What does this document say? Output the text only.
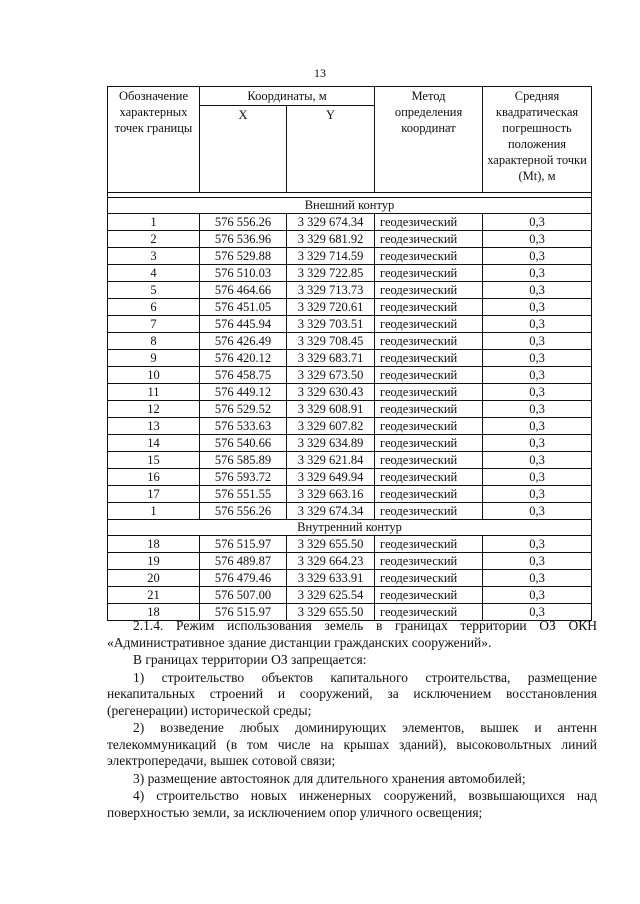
13
Обозначение характерных точек границы	Координаты, м		Метод определения координат	Средняя квадратическая погрешность положения характерной точки (Mt), м
	X	Y		

Внешний контур				
1	576 556.26	3 329 674.34	геодезический	0,3
2	576 536.96	3 329 681.92	геодезический	0,3
3	576 529.88	3 329 714.59	геодезический	0,3
4	576 510.03	3 329 722.85	геодезический	0,3
5	576 464.66	3 329 713.73	геодезический	0,3
6	576 451.05	3 329 720.61	геодезический	0,3
7	576 445.94	3 329 703.51	геодезический	0,3
8	576 426.49	3 329 708.45	геодезический	0,3
9	576 420.12	3 329 683.71	геодезический	0,3
10	576 458.75	3 329 673.50	геодезический	0,3
11	576 449.12	3 329 630.43	геодезический	0,3
12	576 529.52	3 329 608.91	геодезический	0,3
13	576 533.63	3 329 607.82	геодезический	0,3
14	576 540.66	3 329 634.89	геодезический	0,3
15	576 585.89	3 329 621.84	геодезический	0,3
16	576 593.72	3 329 649.94	геодезический	0,3
17	576 551.55	3 329 663.16	геодезический	0,3
1	576 556.26	3 329 674.34	геодезический	0,3
Внутренний контур				
18	576 515.97	3 329 655.50	геодезический	0,3
19	576 489.87	3 329 664.23	геодезический	0,3
20	576 479.46	3 329 633.91	геодезический	0,3
21	576 507.00	3 329 625.54	геодезический	0,3
18	576 515.97	3 329 655.50	геодезический	0,3

2.1.4. Режим использования земель в границах территории ОЗ ОКН «Административное здание дистанции гражданских сооружений».

В границах территории ОЗ запрещается:

1) строительство объектов капитального строительства, размещение некапитальных строений и сооружений, за исключением восстановления (регенерации) исторической среды;

2) возведение любых доминирующих элементов, вышек и антенн телекоммуникаций (в том числе на крышах зданий), высоковольтных линий электропередачи, вышек сотовой связи;

3) размещение автостоянок для длительного хранения автомобилей;

4) строительство новых инженерных сооружений, возвышающихся над поверхностью земли, за исключением опор уличного освещения;
